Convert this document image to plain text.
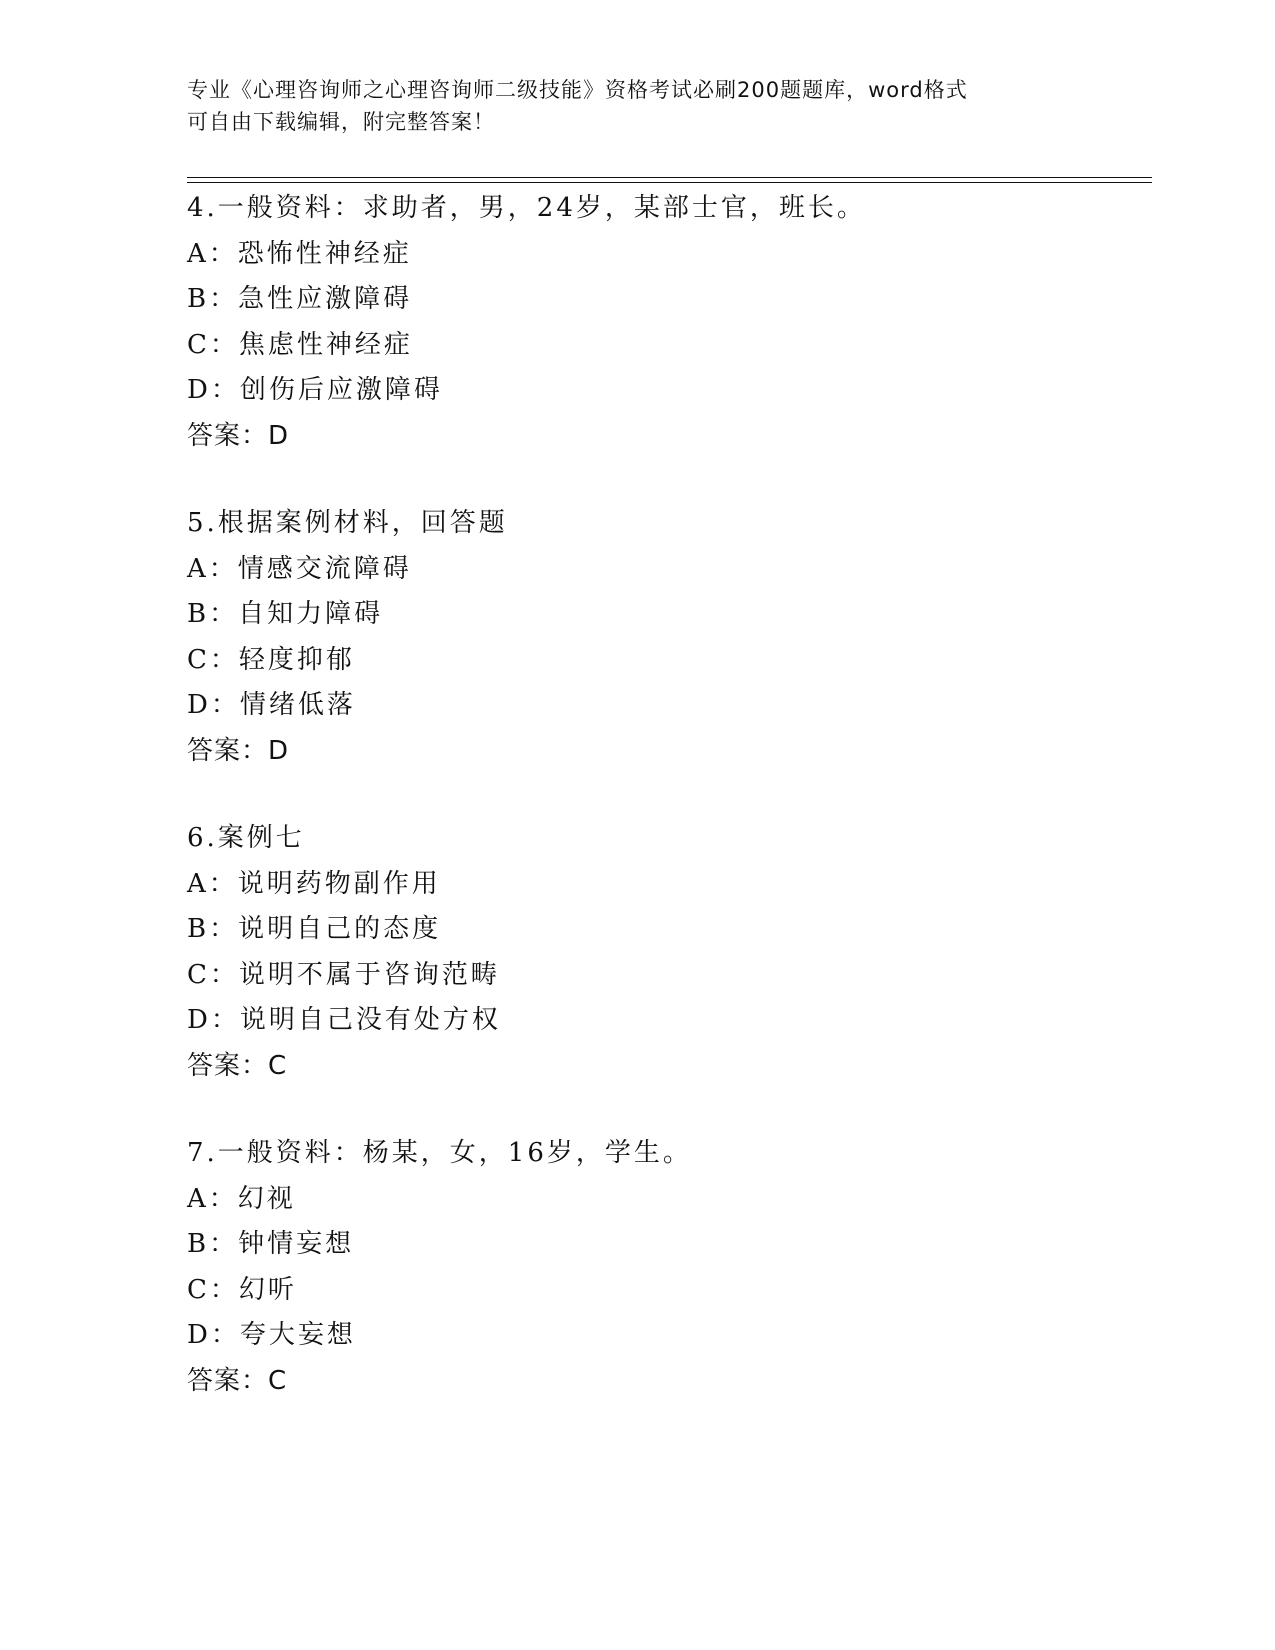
专业《心理咨询师之心理咨询师二级技能》资格考试必刷200题题库，word格式
可自由下载编辑，附完整答案！
4.一般资料：求助者，男，24岁，某部士官，班长。
A：恐怖性神经症
B：急性应激障碍
C：焦虑性神经症
D：创伤后应激障碍
答案：D
5.根据案例材料，回答题
A：情感交流障碍
B：自知力障碍
C：轻度抑郁
D：情绪低落
答案：D
6.案例七
A：说明药物副作用
B：说明自己的态度
C：说明不属于咨询范畴
D：说明自己没有处方权
答案：C
7.一般资料：杨某，女，16岁，学生。
A：幻视
B：钟情妄想
C：幻听
D：夸大妄想
答案：C
